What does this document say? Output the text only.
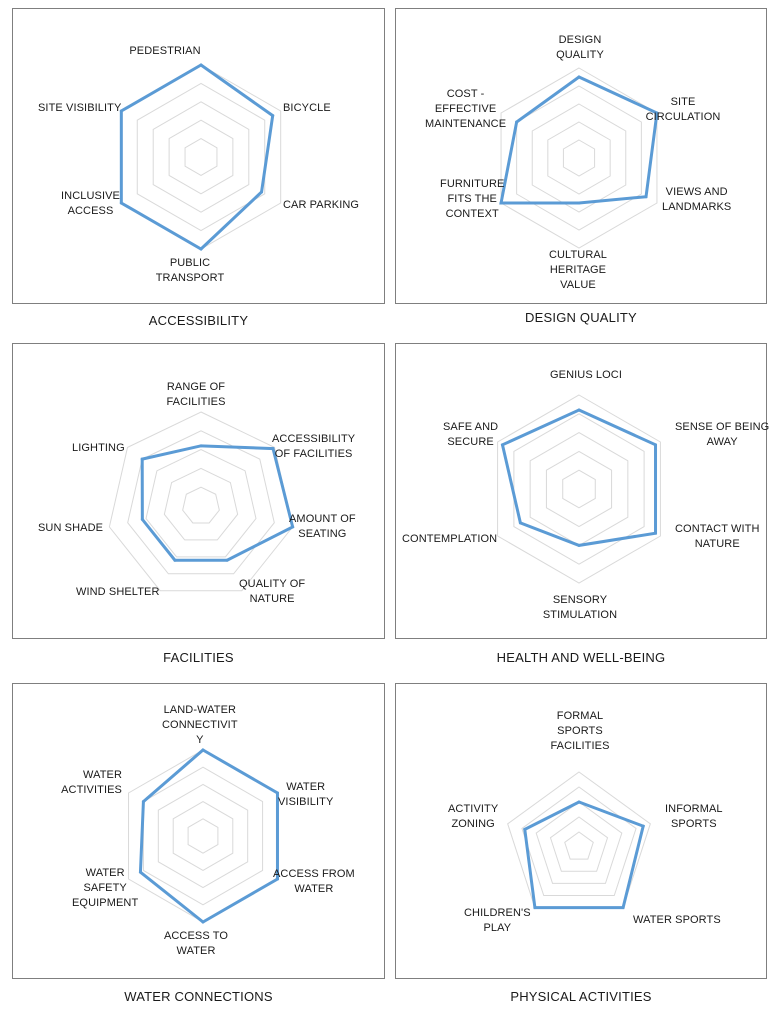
PEDESTRIAN
BICYCLE
CAR PARKING
PUBLIC
TRANSPORT
INCLUSIVE
ACCESS
SITE VISIBILITY
ACCESSIBILITY
DESIGN
QUALITY
SITE
CIRCULATION
VIEWS AND
LANDMARKS
CULTURAL
HERITAGE
VALUE
FURNITURE
FITS THE
CONTEXT
COST -
EFFECTIVE
MAINTENANCE
DESIGN QUALITY
RANGE OF
FACILITIES
ACCESSIBILITY
OF FACILITIES
AMOUNT OF
SEATING
QUALITY OF
NATURE
WIND SHELTER
SUN SHADE
LIGHTING
FACILITIES
GENIUS LOCI
SENSE OF BEING
AWAY
CONTACT WITH
NATURE
SENSORY
STIMULATION
CONTEMPLATION
SAFE AND
SECURE
HEALTH AND WELL-BEING
LAND-WATER
CONNECTIVIT
Y
WATER
VISIBILITY
ACCESS FROM
WATER
ACCESS TO
WATER
WATER
ACTIVITIES
WATER
SAFETY
EQUIPMENT
WATER CONNECTIONS
FORMAL
SPORTS
FACILITIES
INFORMAL
SPORTS
WATER SPORTS
CHILDREN'S
PLAY
ACTIVITY
ZONING
PHYSICAL ACTIVITIES
